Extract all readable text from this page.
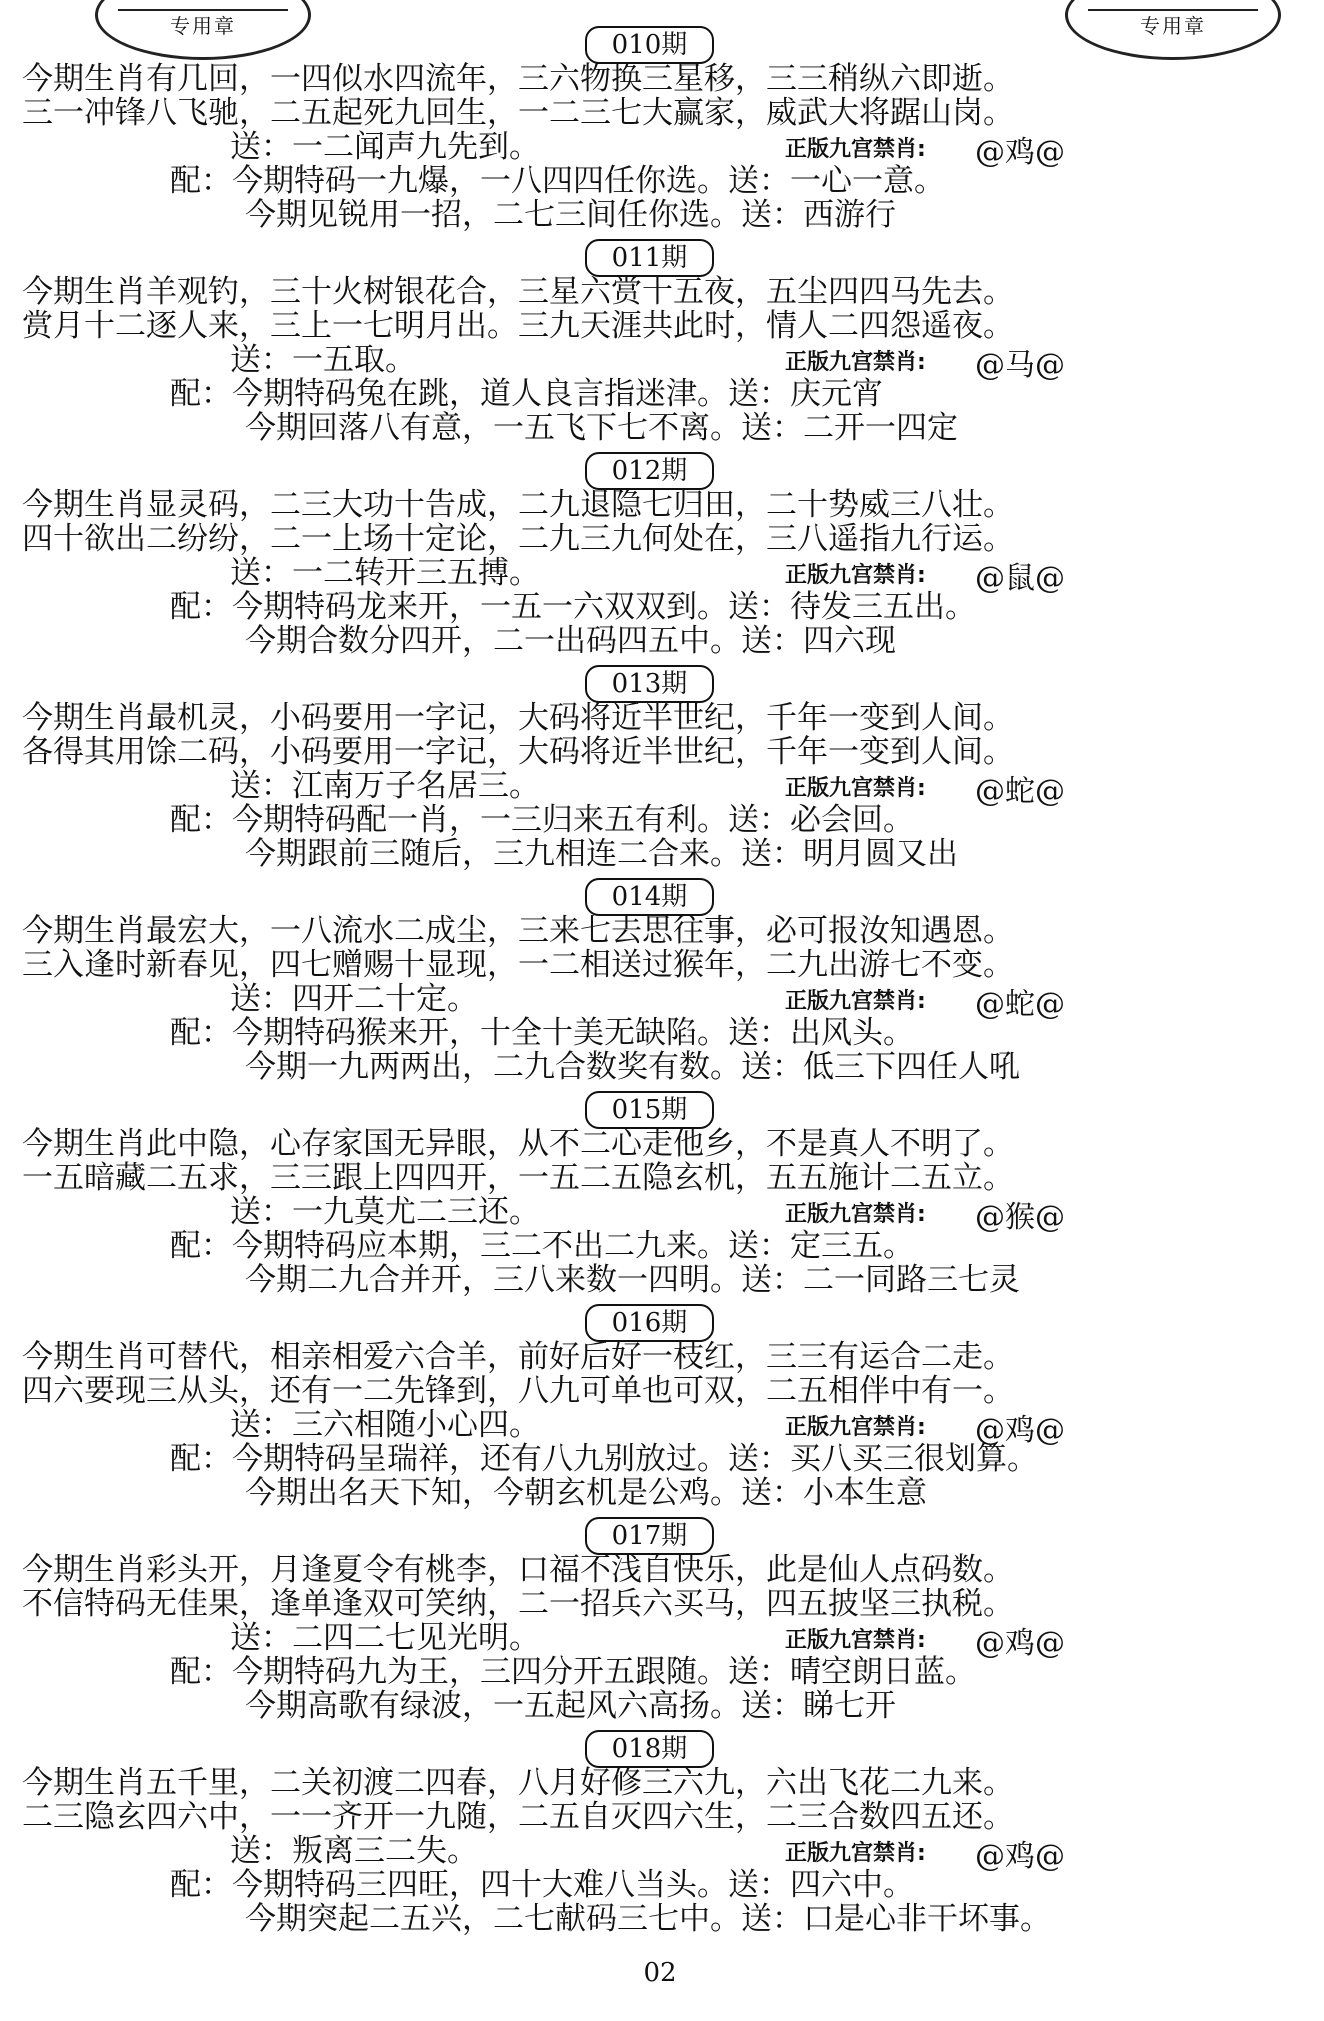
专用章	专用章
010期
今期生肖有几回，一四似水四流年，三六物换三星移，三三稍纵六即逝。
三一冲锋八飞驰，二五起死九回生，一二三七大赢家，威武大将踞山岗。
送：一二闻声九先到。	正版九宫禁肖: @鸡@
配：今期特码一九爆，一八四四任你选。送：一心一意。
今期见锐用一招，二七三间任你选。送：西游行
011期
今期生肖羊观钓，三十火树银花合，三星六赏十五夜，五尘四四马先去。
赏月十二逐人来，三上一七明月出。三九天涯共此时，情人二四怨遥夜。
送：一五取。	正版九宫禁肖: @马@
配：今期特码兔在跳，道人良言指迷津。送：庆元宵
今期回落八有意，一五飞下七不离。送：二开一四定
012期
今期生肖显灵码，二三大功十告成，二九退隐七归田，二十势威三八壮。
四十欲出二纷纷，二一上场十定论，二九三九何处在，三八遥指九行运。
送：一二转开三五搏。	正版九宫禁肖: @鼠@
配：今期特码龙来开，一五一六双双到。送：待发三五出。
今期合数分四开，二一出码四五中。送：四六现
013期
今期生肖最机灵，小码要用一字记，大码将近半世纪，千年一变到人间。
各得其用馀二码，小码要用一字记，大码将近半世纪，千年一变到人间。
送：江南万子名居三。	正版九宫禁肖: @蛇@
配：今期特码配一肖，一三归来五有利。送：必会回。
今期跟前三随后，三九相连二合来。送：明月圆又出
014期
今期生肖最宏大，一八流水二成尘，三来七去思往事，必可报汝知遇恩。
三入逢时新春见，四七赠赐十显现，一二相送过猴年，二九出游七不变。
送：四开二十定。	正版九宫禁肖: @蛇@
配：今期特码猴来开，十全十美无缺陷。送：出风头。
今期一九两两出，二九合数奖有数。送：低三下四任人吼
015期
今期生肖此中隐，心存家国无异眼，从不二心走他乡，不是真人不明了。
一五暗藏二五求，三三跟上四四开，一五二五隐玄机，五五施计二五立。
送：一九莫尤二三还。	正版九宫禁肖: @猴@
配：今期特码应本期，三二不出二九来。送：定三五。
今期二九合并开，三八来数一四明。送：二一同路三七灵
016期
今期生肖可替代，相亲相爱六合羊，前好后好一枝红，三三有运合二走。
四六要现三从头，还有一二先锋到，八九可单也可双，二五相伴中有一。
送：三六相随小心四。	正版九宫禁肖: @鸡@
配：今期特码呈瑞祥，还有八九别放过。送：买八买三很划算。
今期出名天下知，今朝玄机是公鸡。送：小本生意
017期
今期生肖彩头开，月逢夏令有桃李，口福不浅自快乐，此是仙人点码数。
不信特码无佳果，逢单逢双可笑纳，二一招兵六买马，四五披坚三执税。
送：二四二七见光明。	正版九宫禁肖: @鸡@
配：今期特码九为王，三四分开五跟随。送：晴空朗日蓝。
今期高歌有绿波，一五起风六高扬。送：睇七开
018期
今期生肖五千里，二关初渡二四春，八月好修三六九，六出飞花二九来。
二三隐玄四六中，一一齐开一九随，二五自灭四六生，二三合数四五还。
送：叛离三二失。	正版九宫禁肖: @鸡@
配：今期特码三四旺，四十大难八当头。送：四六中。
今期突起二五兴，二七献码三七中。送：口是心非干坏事。
02
